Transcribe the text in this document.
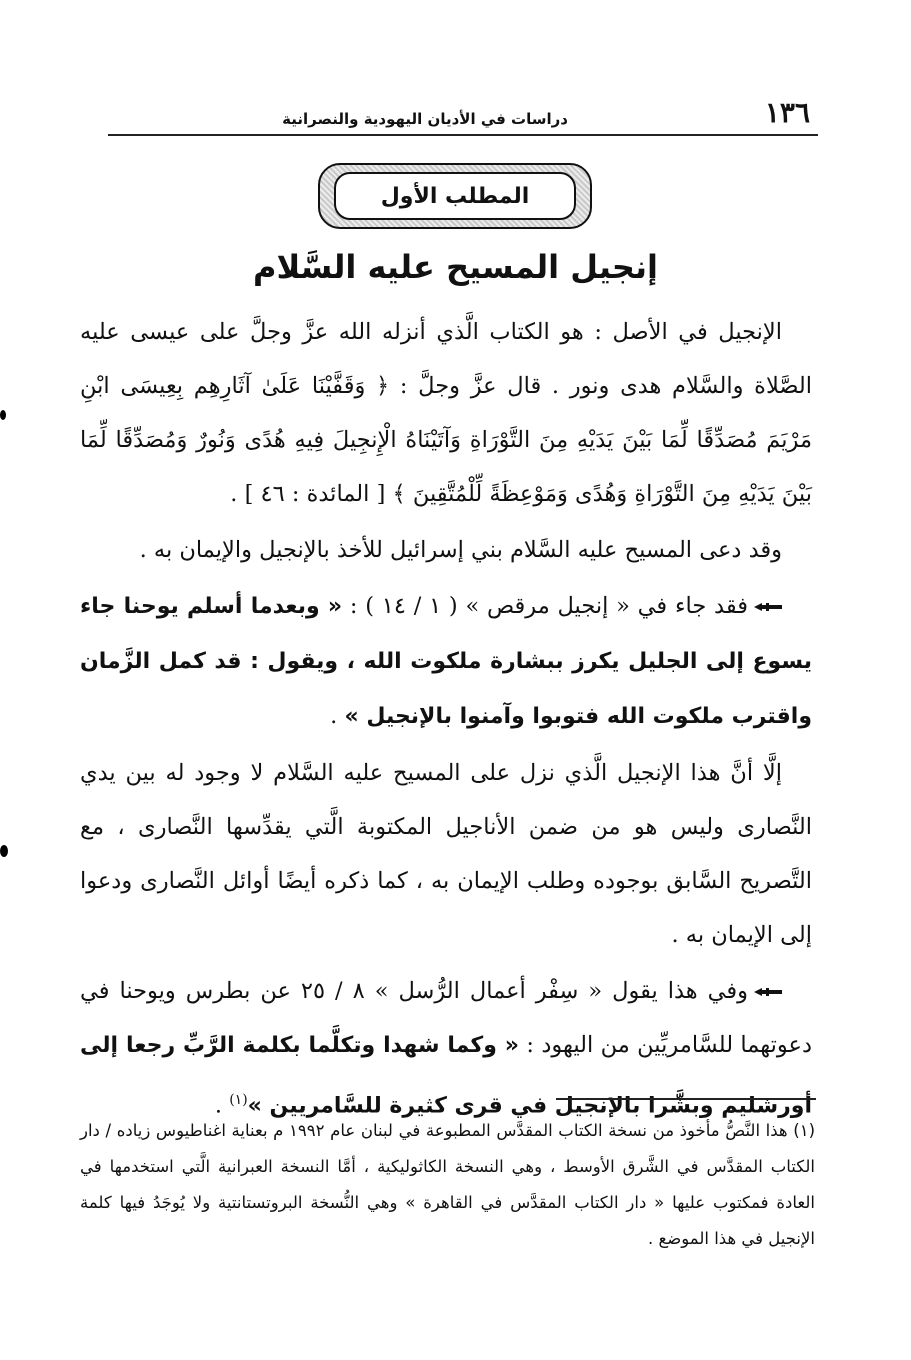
١٣٦
دراسات في الأديان اليهودية والنصرانية
المطلب الأول
إنجيل المسيح عليه السَّلام

الإنجيل في الأصل : هو الكتاب الَّذي أنزله الله عزَّ وجلَّ على عيسى عليه الصَّلاة والسَّلام هدى ونور . قال عزَّ وجلَّ : ﴿ وَقَفَّيْنَا عَلَىٰ آثَارِهِم بِعِيسَى ابْنِ مَرْيَمَ مُصَدِّقًا لِّمَا بَيْنَ يَدَيْهِ مِنَ التَّوْرَاةِ وَآتَيْنَاهُ الْإِنجِيلَ فِيهِ هُدًى وَنُورٌ وَمُصَدِّقًا لِّمَا بَيْنَ يَدَيْهِ مِنَ التَّوْرَاةِ وَهُدًى وَمَوْعِظَةً لِّلْمُتَّقِينَ ﴾ [ المائدة : ٤٦ ] .

وقد دعى المسيح عليه السَّلام بني إسرائيل للأخذ بالإنجيل والإيمان به .

فقد جاء في « إنجيل مرقص » ( ١ / ١٤ ) : « وبعدما أسلم يوحنا جاء يسوع إلى الجليل يكرز ببشارة ملكوت الله ، ويقول : قد كمل الزَّمان واقترب ملكوت الله فتوبوا وآمنوا بالإنجيل » .

إلَّا أنَّ هذا الإنجيل الَّذي نزل على المسيح عليه السَّلام لا وجود له بين يدي النَّصارى وليس هو من ضمن الأناجيل المكتوبة الَّتي يقدِّسها النَّصارى ، مع التَّصريح السَّابق بوجوده وطلب الإيمان به ، كما ذكره أيضًا أوائل النَّصارى ودعوا إلى الإيمان به .

وفي هذا يقول « سِفْر أعمال الرُّسل » ٨ / ٢٥ عن بطرس ويوحنا في دعوتهما للسَّامريِّين من اليهود : « وكما شهدا وتكلَّما بكلمة الرَّبِّ رجعا إلى أورشليم وبشَّرا بالإنجيل في قرى كثيرة للسَّامريين »$^{(١)}$ .

(١) هذا النَّصُّ مأخوذ من نسخة الكتاب المقدَّس المطبوعة في لبنان عام ١٩٩٢ م بعناية اغناطيوس زياده / دار الكتاب المقدَّس في الشَّرق الأوسط ، وهي النسخة الكاثوليكية ، أمَّا النسخة العبرانية الَّتي استخدمها في العادة فمكتوب عليها « دار الكتاب المقدَّس في القاهرة » وهي النُّسخة البروتستانتية ولا يُوجَدُ فيها كلمة الإنجيل في هذا الموضع .
